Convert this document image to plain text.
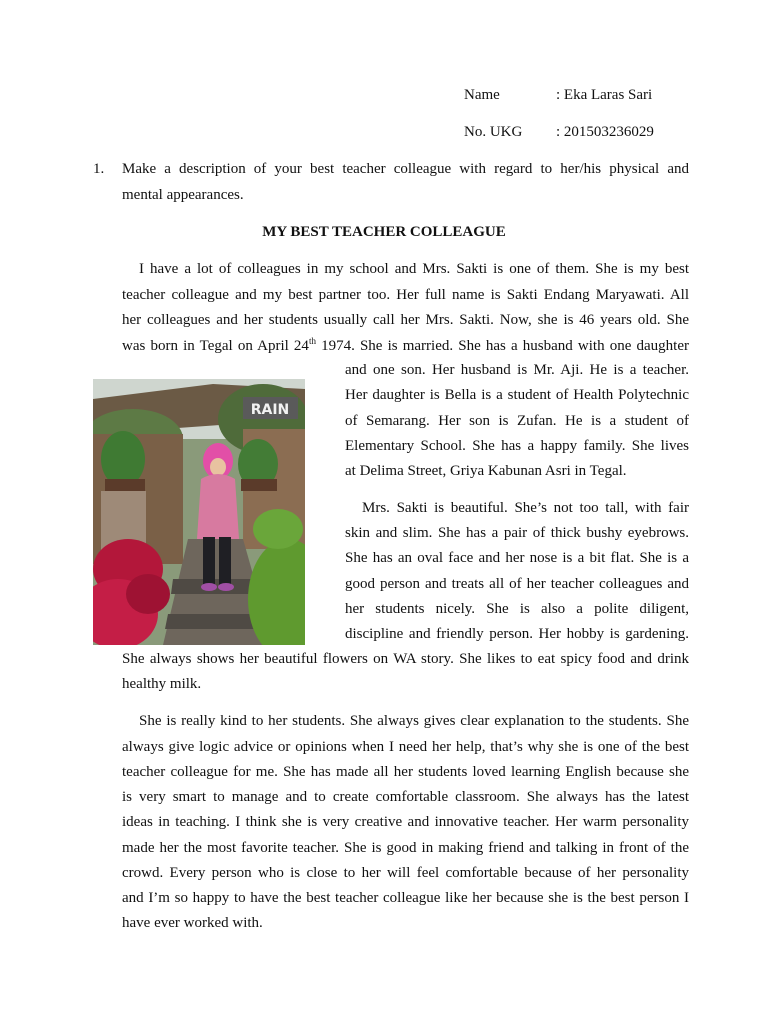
Name	: Eka Laras Sari
No. UKG : 201503236029
1. Make a description of your best teacher colleague with regard to her/his physical and
mental appearances.
MY BEST TEACHER COLLEAGUE
I have a lot of colleagues in my school and Mrs. Sakti is one of them. She is my best
teacher colleague and my best partner too. Her full name is Sakti Endang Maryawati. All
her colleagues and her students usually call her Mrs. Sakti. Now, she is 46 years old. She
was born in Tegal on April 24th 1974. She is married. She has a husband with one daughter
and one son. Her husband is Mr. Aji. He is a teacher.
Her daughter is Bella is a student of Health Polytechnic
of Semarang. Her son is Zufan. He is a student of
Elementary School. She has a happy family. She lives
at Delima Street, Griya Kabunan Asri in Tegal.
RAIN
Mrs. Sakti is beautiful. She’s not too tall, with fair
skin and slim. She has a pair of thick bushy eyebrows.
She has an oval face and her nose is a bit flat. She is a
good person and treats all of her teacher colleagues and
her students nicely. She is also a polite diligent,
discipline and friendly person. Her hobby is gardening.
She always shows her beautiful flowers on WA story. She likes to eat spicy food and drink
healthy milk.
She is really kind to her students. She always gives clear explanation to the students. She
always give logic advice or opinions when I need her help, that’s why she is one of the best
teacher colleague for me. She has made all her students loved learning English because she
is very smart to manage and to create comfortable classroom. She always has the latest
ideas in teaching. I think she is very creative and innovative teacher. Her warm personality
made her the most favorite teacher. She is good in making friend and talking in front of the
crowd. Every person who is close to her will feel comfortable because of her personality
and I’m so happy to have the best teacher colleague like her because she is the best person I
have ever worked with.
